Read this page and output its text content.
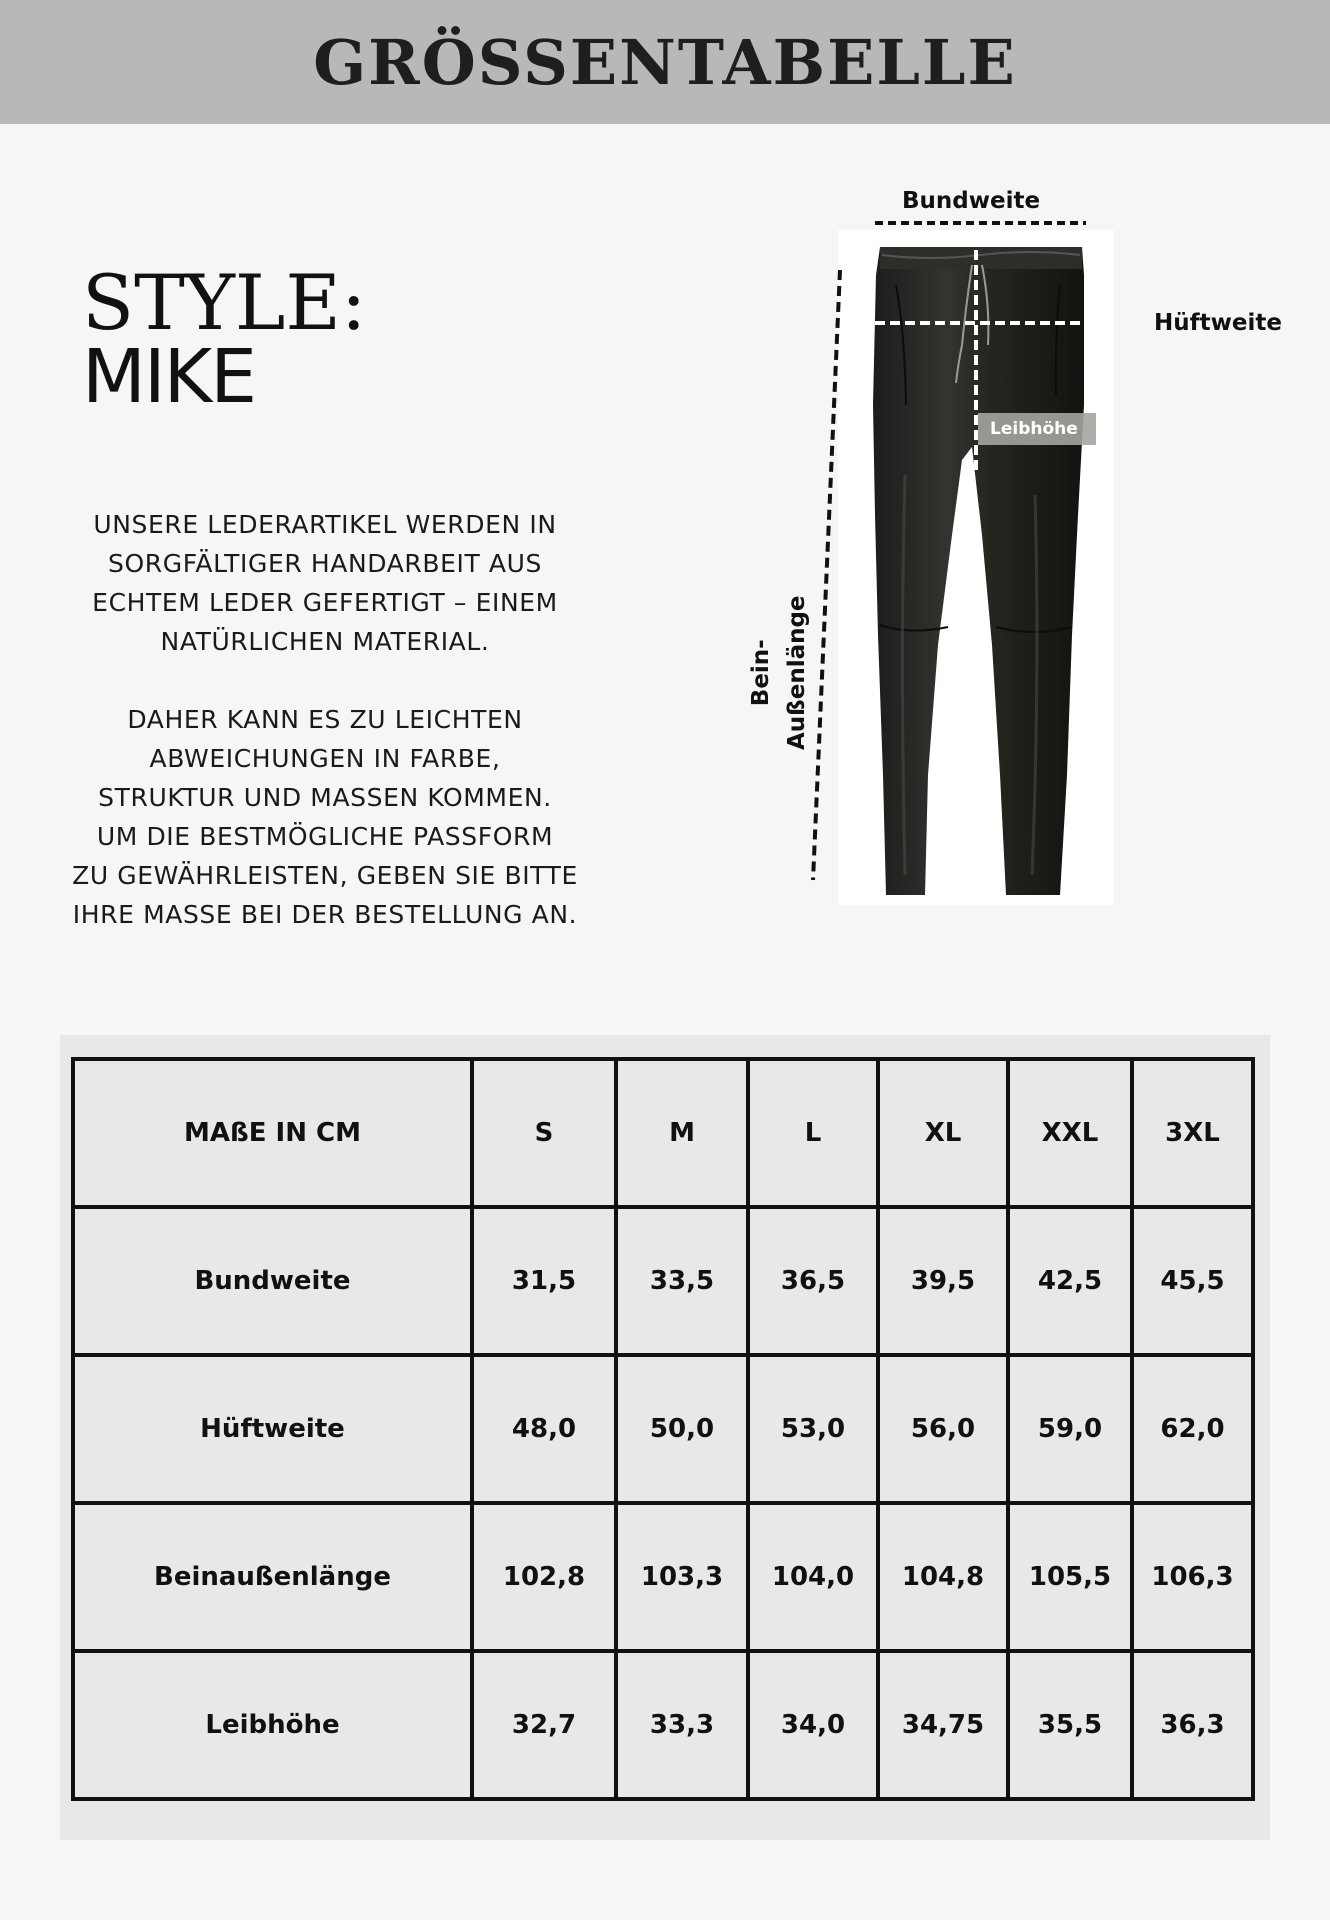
GRÖSSENTABELLE
STYLE:
MIKE
UNSERE LEDERARTIKEL WERDEN IN
SORGFÄLTIGER HANDARBEIT AUS
ECHTEM LEDER GEFERTIGT – EINEM
NATÜRLICHEN MATERIAL.
DAHER KANN ES ZU LEICHTEN
ABWEICHUNGEN IN FARBE,
STRUKTUR UND MASSEN KOMMEN.
UM DIE BESTMÖGLICHE PASSFORM
ZU GEWÄHRLEISTEN, GEBEN SIE BITTE
IHRE MASSE BEI DER BESTELLUNG AN.
Bundweite
Hüftweite
Leibhöhe
Bein- Außenlänge
MAßE IN CM	S	M	L	XL	XXL	3XL
Bundweite	31,5	33,5	36,5	39,5	42,5	45,5
Hüftweite	48,0	50,0	53,0	56,0	59,0	62,0
Beinaußenlänge	102,8	103,3	104,0	104,8	105,5	106,3
Leibhöhe	32,7	33,3	34,0	34,75	35,5	36,3
